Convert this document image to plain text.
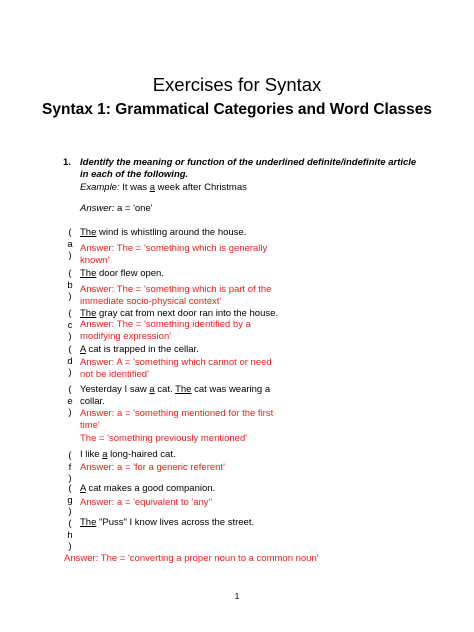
Exercises for Syntax
Syntax 1: Grammatical Categories and Word Classes
1. Identify the meaning or function of the underlined definite/indefinite article in each of the following.
Example: It was a week after Christmas
Answer: a = 'one'
(
a
)
The wind is whistling around the house.
Answer: The = 'something which is generally known'
(
b
)
The door flew open.
Answer: The = 'something which is part of the immediate socio-physical context'
(
c
)
The gray cat from next door ran into the house.
Answer: The = 'something identified by a modifying expression'
(
d
)
A cat is trapped in the cellar.
Answer: A = 'something which cannot or need not be identified'
(
e
)
Yesterday I saw a cat. The cat was wearing a collar.
Answer: a = 'something mentioned for the first time'
The = 'something previously mentioned'
(
f
)
I like a long-haired cat.
Answer: a = 'for a generic referent'
(
g
)
A cat makes a good companion.
Answer: a = 'equivalent to 'any''
(
h
)
The "Puss" I know lives across the street.
Answer: The = 'converting a proper noun to a common noun'
1
